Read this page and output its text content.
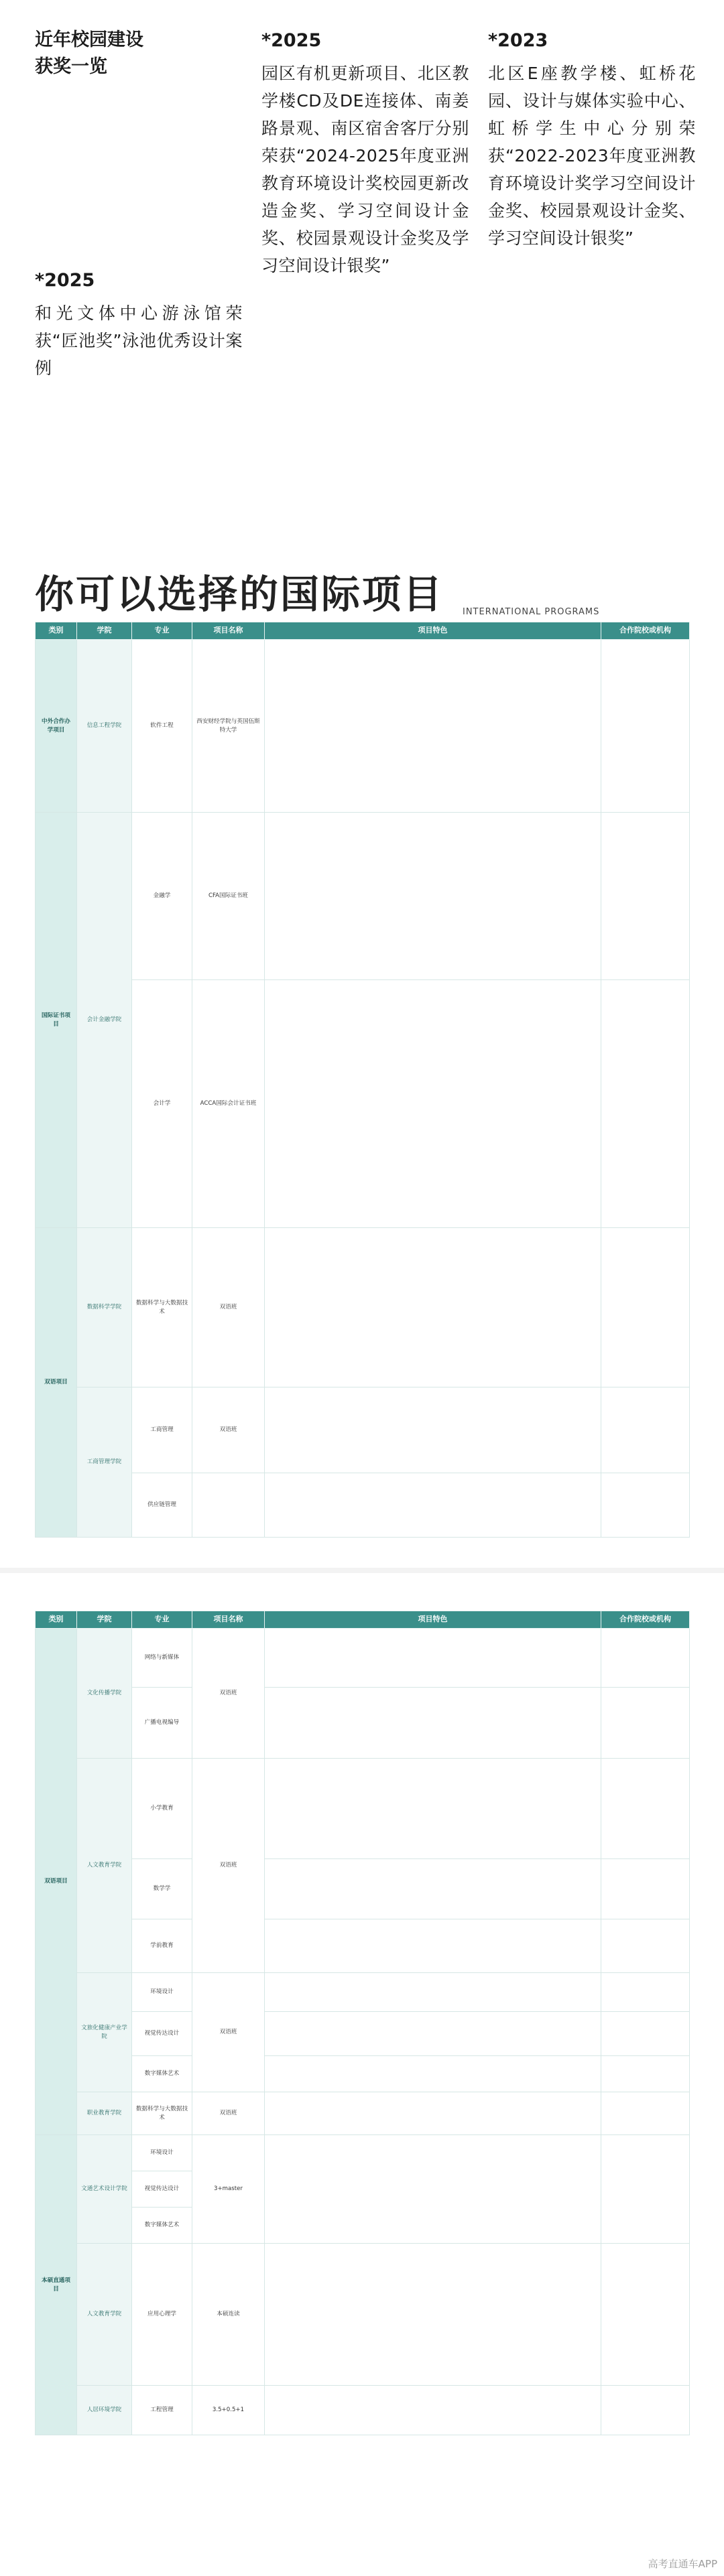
近年校园建设
获奖一览
*2025
园区有机更新项目、北区教学楼CD及DE连接体、南姜路景观、南区宿舍客厅分别荣获“2024-2025年度亚洲教育环境设计奖校园更新改造金奖、学习空间设计金奖、校园景观设计金奖及学习空间设计银奖”
*2023
北区E座教学楼、虹桥花园、设计与媒体实验中心、虹桥学生中心分别荣获“2022-2023年度亚洲教育环境设计奖学习空间设计金奖、校园景观设计金奖、学习空间设计银奖”
*2025
和光文体中心游泳馆荣获“匠池奖”泳池优秀设计案例
你可以选择的国际项目 INTERNATIONAL PROGRAMS
类别	学院	专业	项目名称	项目特色	合作院校或机构
中外合作办学项目	信息工程学院	软件工程	西安财经学院与英国伍斯特大学		
国际证书项目	会计金融学院	金融学	CFA国际证书班		
		会计学	ACCA国际会计证书班		
双语项目	数据科学学院	数据科学与大数据技术	双语班		
	工商管理学院	工商管理	双语班		
		供应链管理			
类别	学院	专业	项目名称	项目特色	合作院校或机构
双语项目	文化传播学院	网络与新媒体	双语班		
		广播电视编导			
	人文教育学院	小学教育	双语班		
		数学学			
		学前教育			
	文旅化健康产业学院	环境设计	双语班		
		视觉传达设计			
		数字媒体艺术			
	职业教育学院	数据科学与大数据技术	双语班		
本硕直通项目	文通艺术设计学院	环境设计	3+master		
		视觉传达设计			
		数字媒体艺术			
	人文教育学院	应用心理学	本硕连读		
	人居环境学院	工程管理	3.5+0.5+1		
高考直通车APP
